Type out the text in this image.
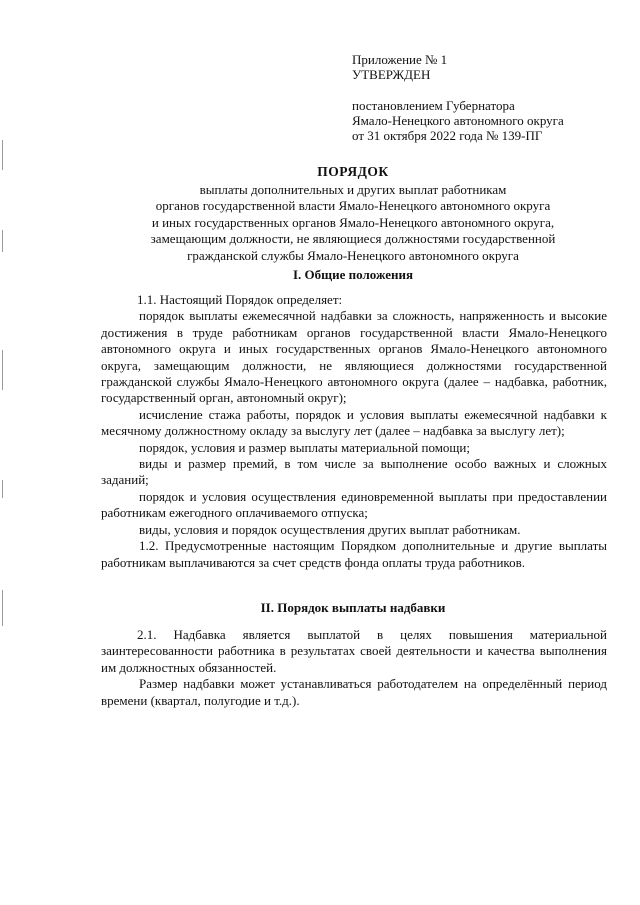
Приложение № 1
УТВЕРЖДЕН
постановлением Губернатора
Ямало-Ненецкого автономного округа
от 31 октября 2022 года № 139-ПГ
ПОРЯДОК
выплаты дополнительных и других выплат работникам
органов государственной власти Ямало-Ненецкого автономного округа
и иных государственных органов Ямало-Ненецкого автономного округа,
замещающим должности, не являющиеся должностями государственной
гражданской службы Ямало-Ненецкого автономного округа
I. Общие положения

1.1. Настоящий Порядок определяет:

порядок выплаты ежемесячной надбавки за сложность, напряженность и высокие достижения в труде работникам органов государственной власти Ямало-Ненецкого автономного округа и иных государственных органов Ямало-Ненецкого автономного округа, замещающим должности, не являющиеся должностями государственной гражданской службы Ямало-Ненецкого автономного округа (далее – надбавка, работник, государственный орган, автономный округ);

исчисление стажа работы, порядок и условия выплаты ежемесячной надбавки к месячному должностному окладу за выслугу лет (далее – надбавка за выслугу лет);

порядок, условия и размер выплаты материальной помощи;

виды и размер премий, в том числе за выполнение особо важных и сложных заданий;

порядок и условия осуществления единовременной выплаты при предоставлении работникам ежегодного оплачиваемого отпуска;

виды, условия и порядок осуществления других выплат работникам.

1.2. Предусмотренные настоящим Порядком дополнительные и другие выплаты работникам выплачиваются за счет средств фонда оплаты труда работников.

II. Порядок выплаты надбавки

2.1. Надбавка является выплатой в целях повышения материальной заинтересованности работника в результатах своей деятельности и качества выполнения им должностных обязанностей.

Размер надбавки может устанавливаться работодателем на определённый период времени (квартал, полугодие и т.д.).
